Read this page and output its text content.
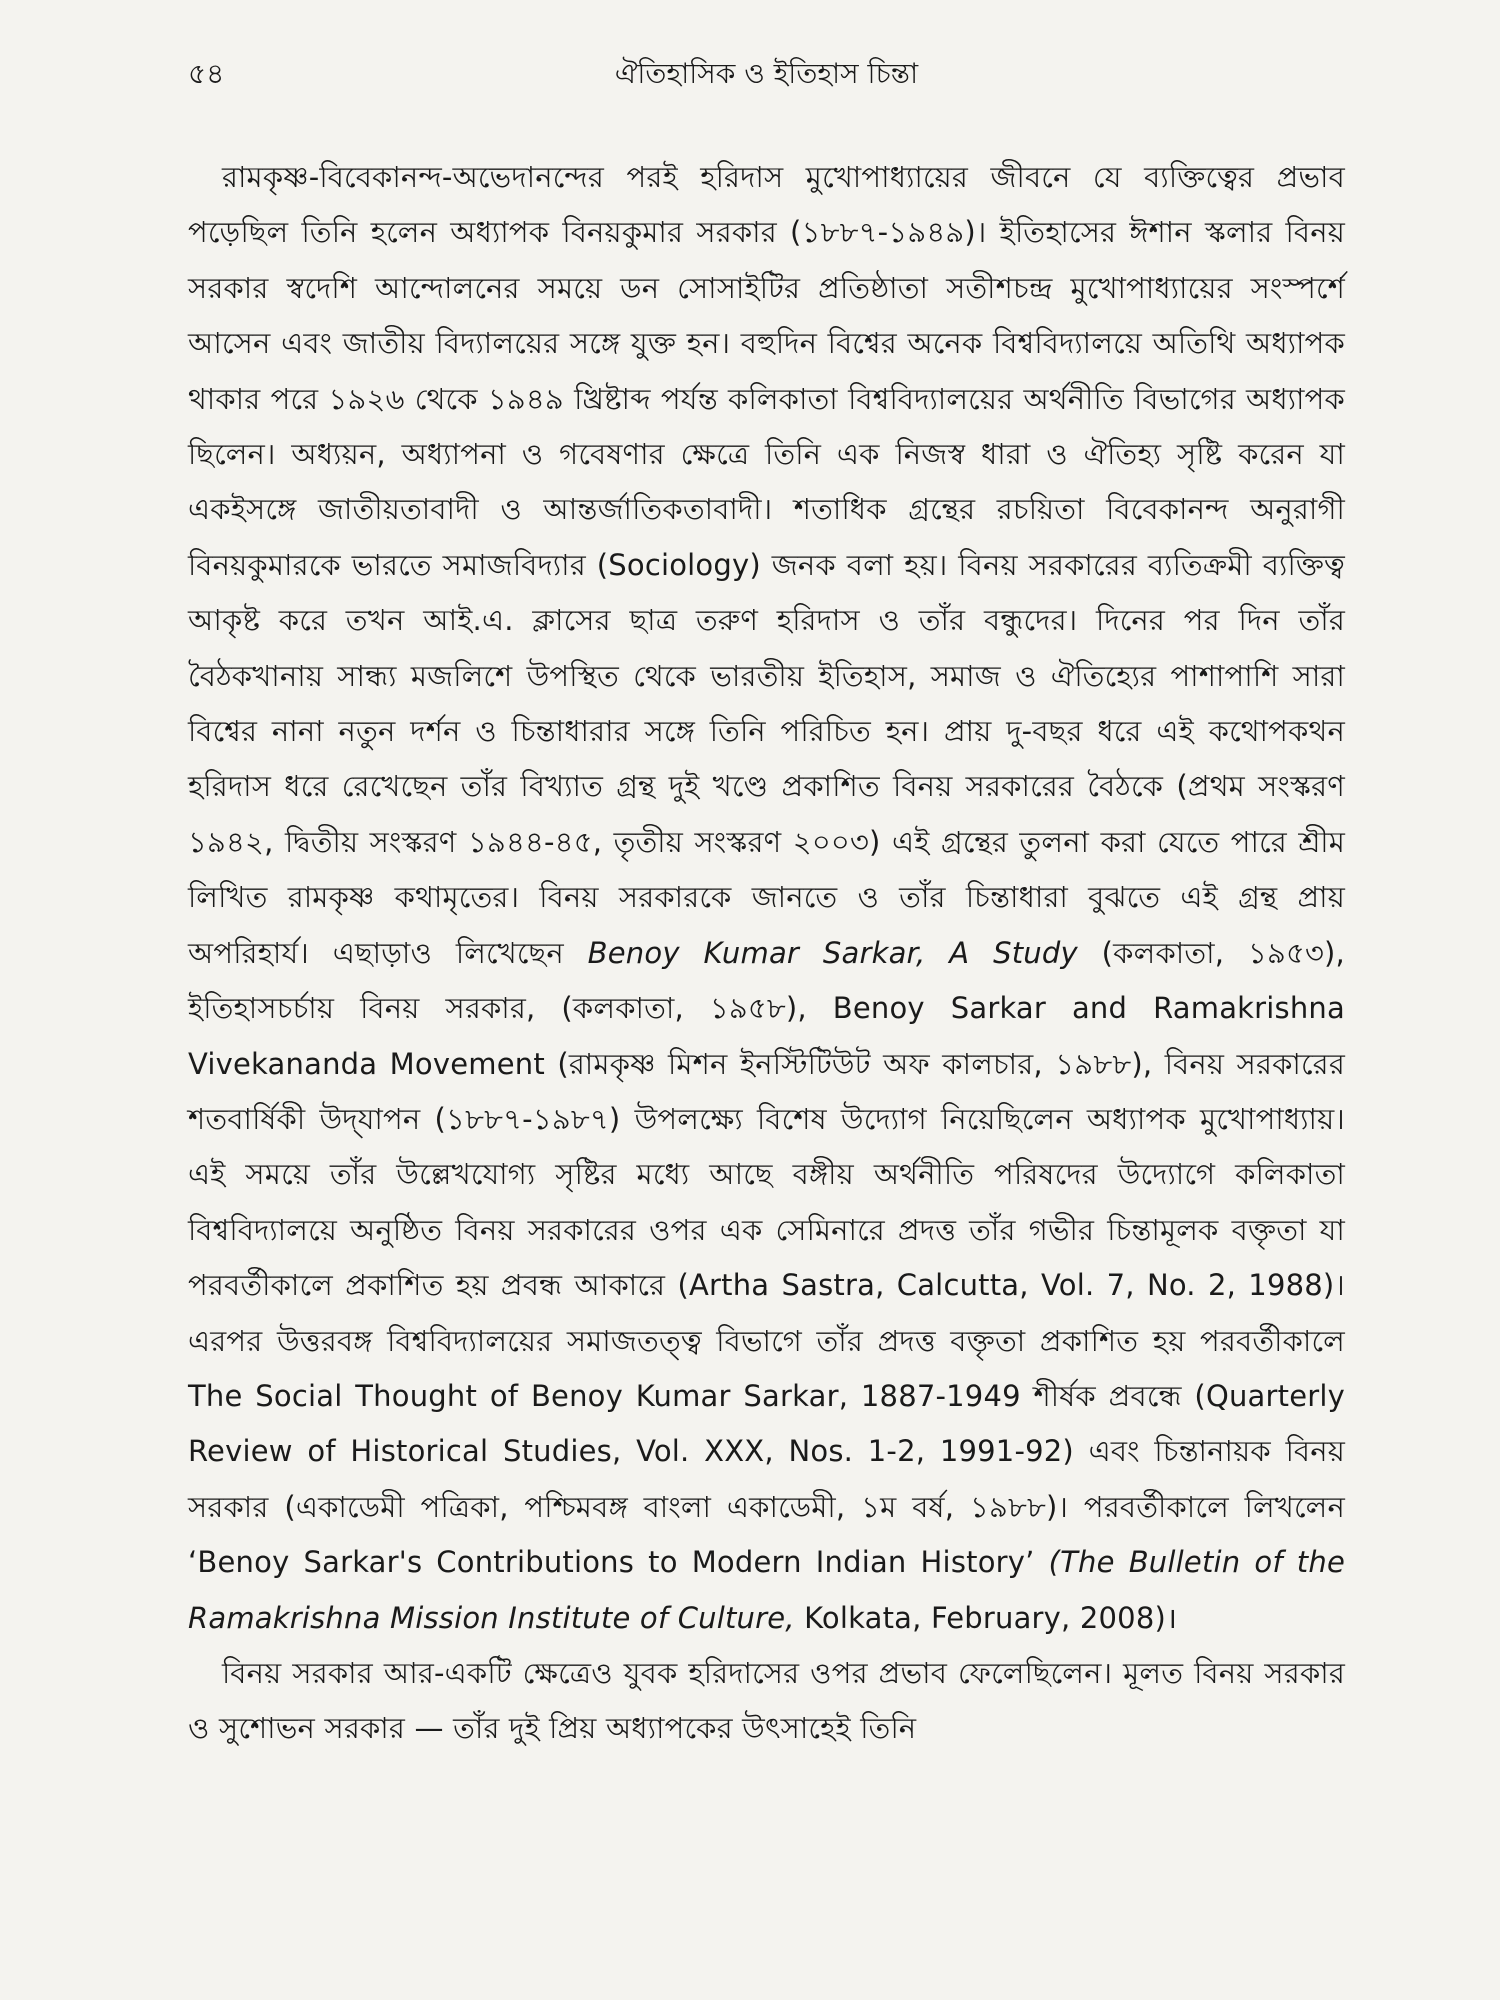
৫৪	ঐতিহাসিক ও ইতিহাস চিন্তা

রামকৃষ্ণ-বিবেকানন্দ-অভেদানন্দের পরই হরিদাস মুখোপাধ্যায়ের জীবনে যে ব্যক্তিত্বের প্রভাব পড়েছিল তিনি হলেন অধ্যাপক বিনয়কুমার সরকার (১৮৮৭-১৯৪৯)। ইতিহাসের ঈশান স্কলার বিনয় সরকার স্বদেশি আন্দোলনের সময়ে ডন সোসাইটির প্রতিষ্ঠাতা সতীশচন্দ্র মুখোপাধ্যায়ের সংস্পর্শে আসেন এবং জাতীয় বিদ্যালয়ের সঙ্গে যুক্ত হন। বহুদিন বিশ্বের অনেক বিশ্ববিদ্যালয়ে অতিথি অধ্যাপক থাকার পরে ১৯২৬ থেকে ১৯৪৯ খ্রিষ্টাব্দ পর্যন্ত কলিকাতা বিশ্ববিদ্যালয়ের অর্থনীতি বিভাগের অধ্যাপক ছিলেন। অধ্যয়ন, অধ্যাপনা ও গবেষণার ক্ষেত্রে তিনি এক নিজস্ব ধারা ও ঐতিহ্য সৃষ্টি করেন যা একইসঙ্গে জাতীয়তাবাদী ও আন্তর্জাতিকতাবাদী। শতাধিক গ্রন্থের রচয়িতা বিবেকানন্দ অনুরাগী বিনয়কুমারকে ভারতে সমাজবিদ্যার (Sociology) জনক বলা হয়। বিনয় সরকারের ব্যতিক্রমী ব্যক্তিত্ব আকৃষ্ট করে তখন আই.এ. ক্লাসের ছাত্র তরুণ হরিদাস ও তাঁর বন্ধুদের। দিনের পর দিন তাঁর বৈঠকখানায় সান্ধ্য মজলিশে উপস্থিত থেকে ভারতীয় ইতিহাস, সমাজ ও ঐতিহ্যের পাশাপাশি সারা বিশ্বের নানা নতুন দর্শন ও চিন্তাধারার সঙ্গে তিনি পরিচিত হন। প্রায় দু-বছর ধরে এই কথোপকথন হরিদাস ধরে রেখেছেন তাঁর বিখ্যাত গ্রন্থ দুই খণ্ডে প্রকাশিত বিনয় সরকারের বৈঠকে (প্রথম সংস্করণ ১৯৪২, দ্বিতীয় সংস্করণ ১৯৪৪-৪৫, তৃতীয় সংস্করণ ২০০৩) এই গ্রন্থের তুলনা করা যেতে পারে শ্রীম লিখিত রামকৃষ্ণ কথামৃতের। বিনয় সরকারকে জানতে ও তাঁর চিন্তাধারা বুঝতে এই গ্রন্থ প্রায় অপরিহার্য। এছাড়াও লিখেছেন Benoy Kumar Sarkar, A Study (কলকাতা, ১৯৫৩), ইতিহাসচর্চায় বিনয় সরকার, (কলকাতা, ১৯৫৮), Benoy Sarkar and Ramakrishna Vivekananda Movement (রামকৃষ্ণ মিশন ইনস্টিটিউট অফ কালচার, ১৯৮৮), বিনয় সরকারের শতবার্ষিকী উদ্‌যাপন (১৮৮৭-১৯৮৭) উপলক্ষ্যে বিশেষ উদ্যোগ নিয়েছিলেন অধ্যাপক মুখোপাধ্যায়। এই সময়ে তাঁর উল্লেখযোগ্য সৃষ্টির মধ্যে আছে বঙ্গীয় অর্থনীতি পরিষদের উদ্যোগে কলিকাতা বিশ্ববিদ্যালয়ে অনুষ্ঠিত বিনয় সরকারের ওপর এক সেমিনারে প্রদত্ত তাঁর গভীর চিন্তামূলক বক্তৃতা যা পরবর্তীকালে প্রকাশিত হয় প্রবন্ধ আকারে (Artha Sastra, Calcutta, Vol. 7, No. 2, 1988)। এরপর উত্তরবঙ্গ বিশ্ববিদ্যালয়ের সমাজতত্ত্ব বিভাগে তাঁর প্রদত্ত বক্তৃতা প্রকাশিত হয় পরবর্তীকালে The Social Thought of Benoy Kumar Sarkar, 1887-1949 শীর্ষক প্রবন্ধে (Quarterly Review of Historical Studies, Vol. XXX, Nos. 1-2, 1991-92) এবং চিন্তানায়ক বিনয় সরকার (একাডেমী পত্রিকা, পশ্চিমবঙ্গ বাংলা একাডেমী, ১ম বর্ষ, ১৯৮৮)। পরবর্তীকালে লিখলেন ‘Benoy Sarkar's Contributions to Modern Indian History’ (The Bulletin of the Ramakrishna Mission Institute of Culture, Kolkata, February, 2008)।

বিনয় সরকার আর-একটি ক্ষেত্রেও যুবক হরিদাসের ওপর প্রভাব ফেলেছিলেন। মূলত বিনয় সরকার ও সুশোভন সরকার — তাঁর দুই প্রিয় অধ্যাপকের উৎসাহেই তিনি
